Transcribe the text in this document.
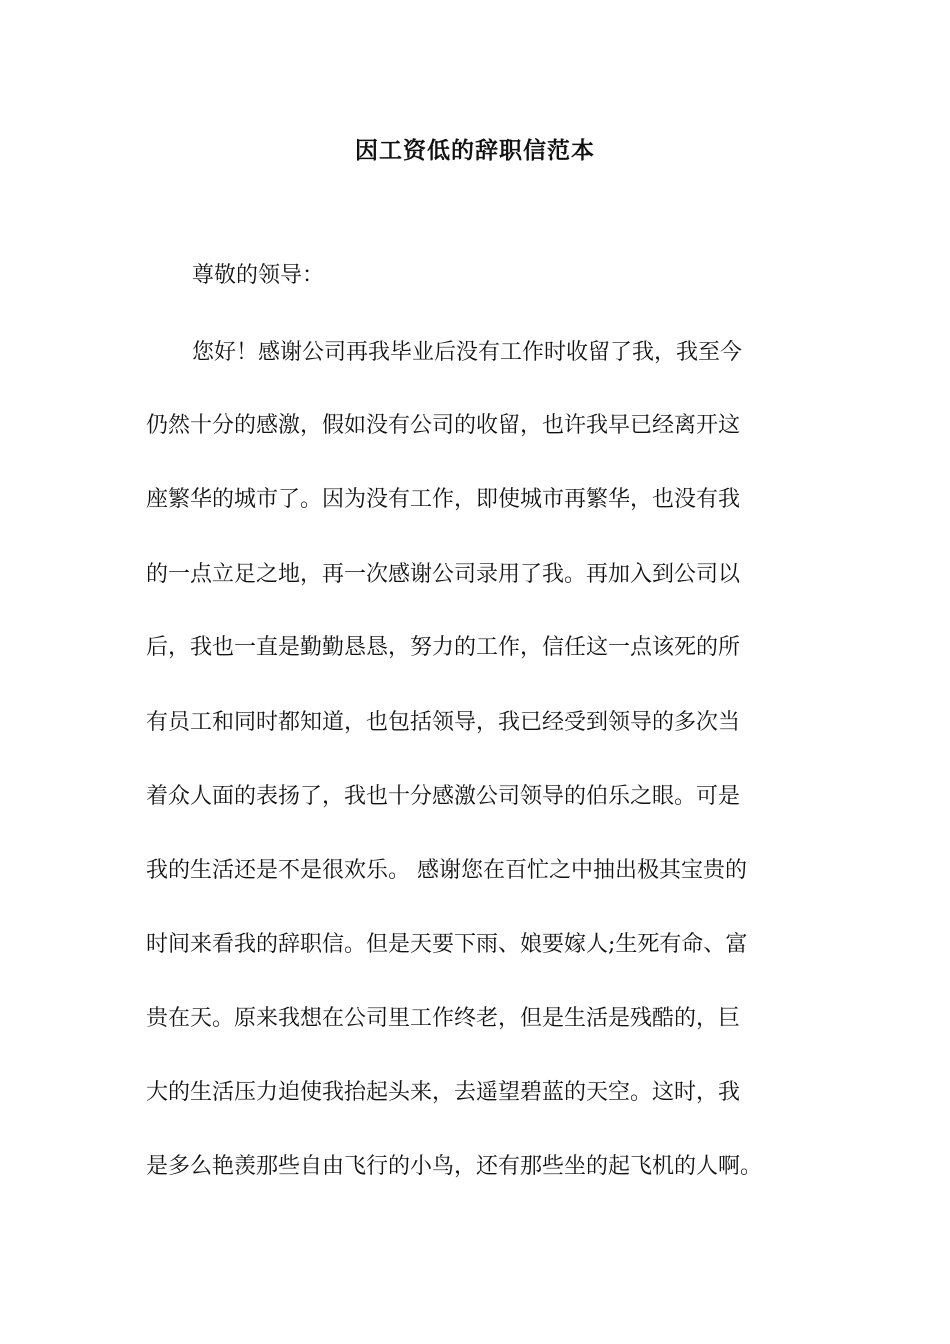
因工资低的辞职信范本
尊敬的领导：
您好！感谢公司再我毕业后没有工作时收留了我，我至今
仍然十分的感激，假如没有公司的收留，也许我早已经离开这
座繁华的城市了。因为没有工作，即使城市再繁华，也没有我
的一点立足之地，再一次感谢公司录用了我。再加入到公司以
后，我也一直是勤勤恳恳，努力的工作，信任这一点该死的所
有员工和同时都知道，也包括领导，我已经受到领导的多次当
着众人面的表扬了，我也十分感激公司领导的伯乐之眼。可是
我的生活还是不是很欢乐。 感谢您在百忙之中抽出极其宝贵的
时间来看我的辞职信。但是天要下雨、娘要嫁人;生死有命、富
贵在天。原来我想在公司里工作终老，但是生活是残酷的，巨
大的生活压力迫使我抬起头来，去遥望碧蓝的天空。这时，我
是多么艳羡那些自由飞行的小鸟，还有那些坐的起飞机的人啊。
